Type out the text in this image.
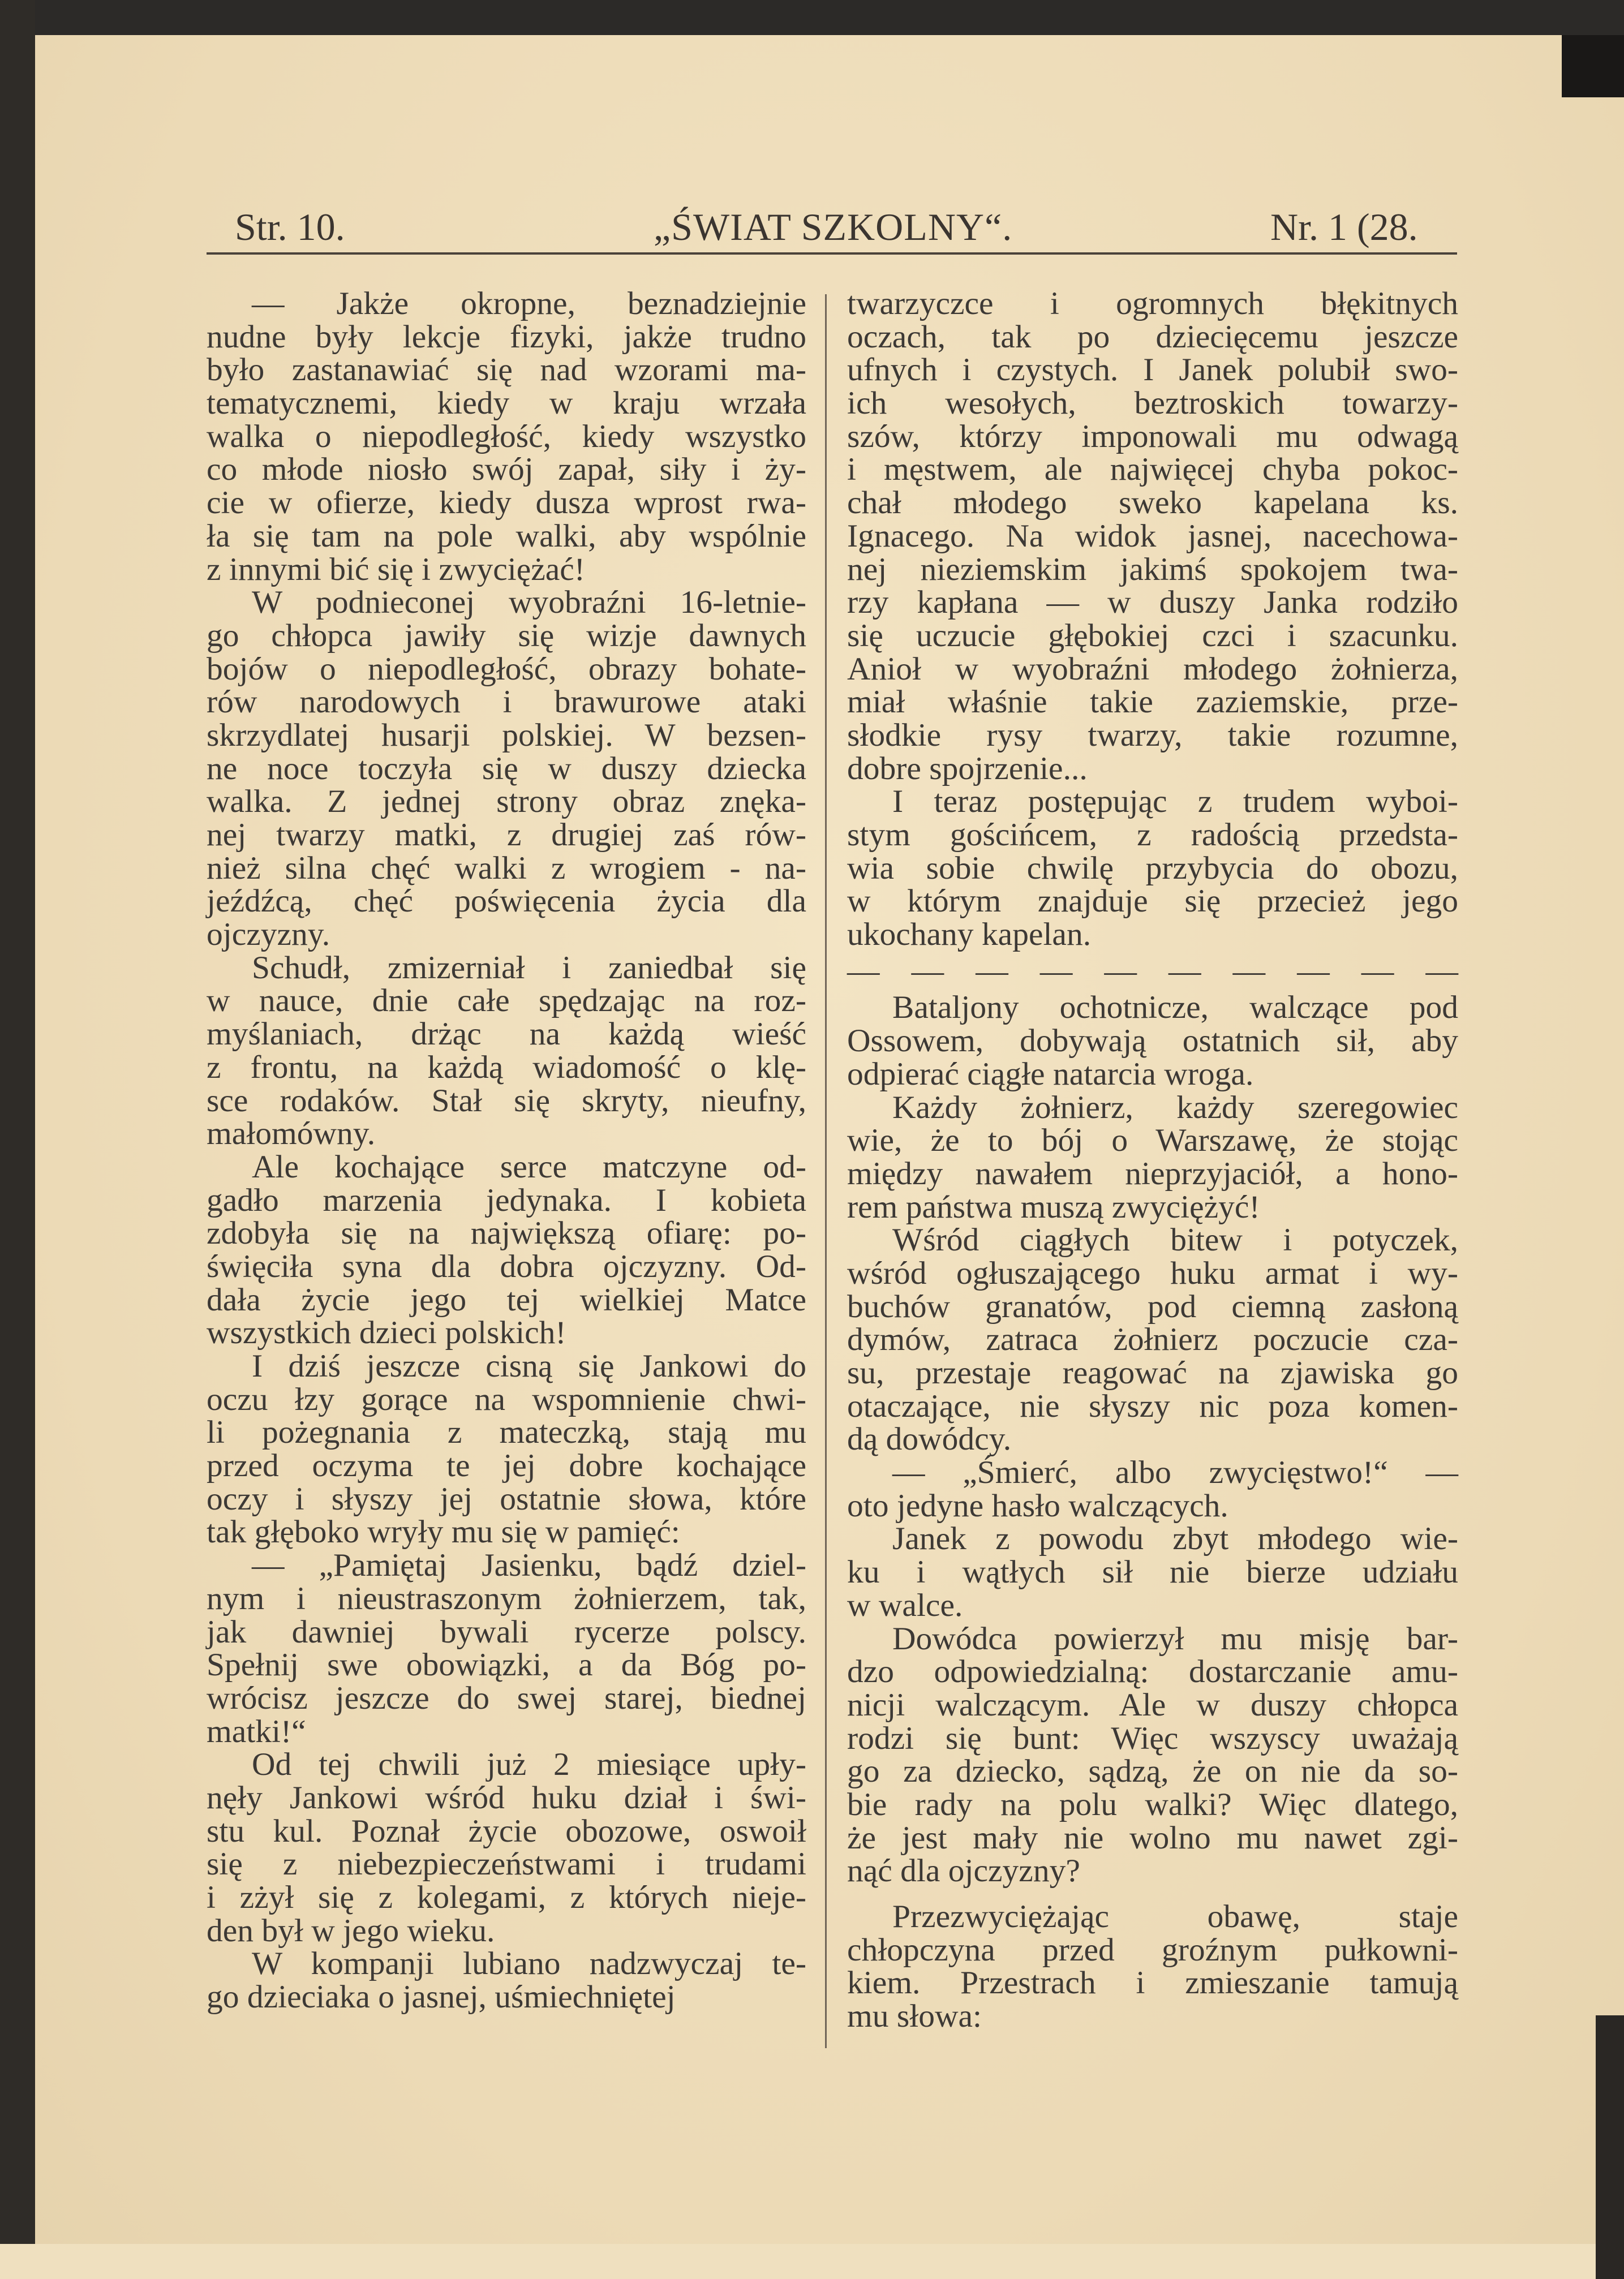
Str. 10.	„ŚWIAT SZKOLNY“.	Nr. 1 (28.
— Jakże okropne, beznadziejnie
nudne były lekcje fizyki, jakże trudno
było zastanawiać się nad wzorami ma-
tematycznemi, kiedy w kraju wrzała
walka o niepodległość, kiedy wszystko
co młode niosło swój zapał, siły i ży-
cie w ofierze, kiedy dusza wprost rwa-
ła się tam na pole walki, aby wspólnie
z innymi bić się i zwyciężać!
W podnieconej wyobraźni 16-letnie-
go chłopca jawiły się wizje dawnych
bojów o niepodległość, obrazy bohate-
rów narodowych i brawurowe ataki
skrzydlatej husarji polskiej. W bezsen-
ne noce toczyła się w duszy dziecka
walka. Z jednej strony obraz znęka-
nej twarzy matki, z drugiej zaś rów-
nież silna chęć walki z wrogiem - na-
jeźdźcą, chęć poświęcenia życia dla
ojczyzny.
Schudł, zmizerniał i zaniedbał się
w nauce, dnie całe spędzając na roz-
myślaniach, drżąc na każdą wieść
z frontu, na każdą wiadomość o klę-
sce rodaków. Stał się skryty, nieufny,
małomówny.
Ale kochające serce matczyne od-
gadło marzenia jedynaka. I kobieta
zdobyła się na największą ofiarę: po-
święciła syna dla dobra ojczyzny. Od-
dała życie jego tej wielkiej Matce
wszystkich dzieci polskich!
I dziś jeszcze cisną się Jankowi do
oczu łzy gorące na wspomnienie chwi-
li pożegnania z mateczką, stają mu
przed oczyma te jej dobre kochające
oczy i słyszy jej ostatnie słowa, które
tak głęboko wryły mu się w pamięć:
— „Pamiętaj Jasienku, bądź dziel-
nym i nieustraszonym żołnierzem, tak,
jak dawniej bywali rycerze polscy.
Spełnij swe obowiązki, a da Bóg po-
wrócisz jeszcze do swej starej, biednej
matki!“
Od tej chwili już 2 miesiące upły-
nęły Jankowi wśród huku dział i świ-
stu kul. Poznał życie obozowe, oswoił
się z niebezpieczeństwami i trudami
i zżył się z kolegami, z których nieje-
den był w jego wieku.
W kompanji lubiano nadzwyczaj te-
go dzieciaka o jasnej, uśmiechniętej
twarzyczce i ogromnych błękitnych
oczach, tak po dziecięcemu jeszcze
ufnych i czystych. I Janek polubił swo-
ich wesołych, beztroskich towarzy-
szów, którzy imponowali mu odwagą
i męstwem, ale najwięcej chyba pokoc-
chał młodego sweko kapelana ks.
Ignacego. Na widok jasnej, nacechowa-
nej nieziemskim jakimś spokojem twa-
rzy kapłana — w duszy Janka rodziło
się uczucie głębokiej czci i szacunku.
Anioł w wyobraźni młodego żołnierza,
miał właśnie takie zaziemskie, prze-
słodkie rysy twarzy, takie rozumne,
dobre spojrzenie...
I teraz postępując z trudem wyboi-
stym gościńcem, z radością przedsta-
wia sobie chwilę przybycia do obozu,
w którym znajduje się przecież jego
ukochany kapelan.
— — — — — — — — — —
Bataljony ochotnicze, walczące pod
Ossowem, dobywają ostatnich sił, aby
odpierać ciągłe natarcia wroga.
Każdy żołnierz, każdy szeregowiec
wie, że to bój o Warszawę, że stojąc
między nawałem nieprzyjaciół, a hono-
rem państwa muszą zwyciężyć!
Wśród ciągłych bitew i potyczek,
wśród ogłuszającego huku armat i wy-
buchów granatów, pod ciemną zasłoną
dymów, zatraca żołnierz poczucie cza-
su, przestaje reagować na zjawiska go
otaczające, nie słyszy nic poza komen-
dą dowódcy.
— „Śmierć, albo zwycięstwo!“ —
oto jedyne hasło walczących.
Janek z powodu zbyt młodego wie-
ku i wątłych sił nie bierze udziału
w walce.
Dowódca powierzył mu misję bar-
dzo odpowiedzialną: dostarczanie amu-
nicji walczącym. Ale w duszy chłopca
rodzi się bunt: Więc wszyscy uważają
go za dziecko, sądzą, że on nie da so-
bie rady na polu walki? Więc dlatego,
że jest mały nie wolno mu nawet zgi-
nąć dla ojczyzny?
Przezwyciężając obawę, staje
chłopczyna przed groźnym pułkowni-
kiem. Przestrach i zmieszanie tamują
mu słowa:
